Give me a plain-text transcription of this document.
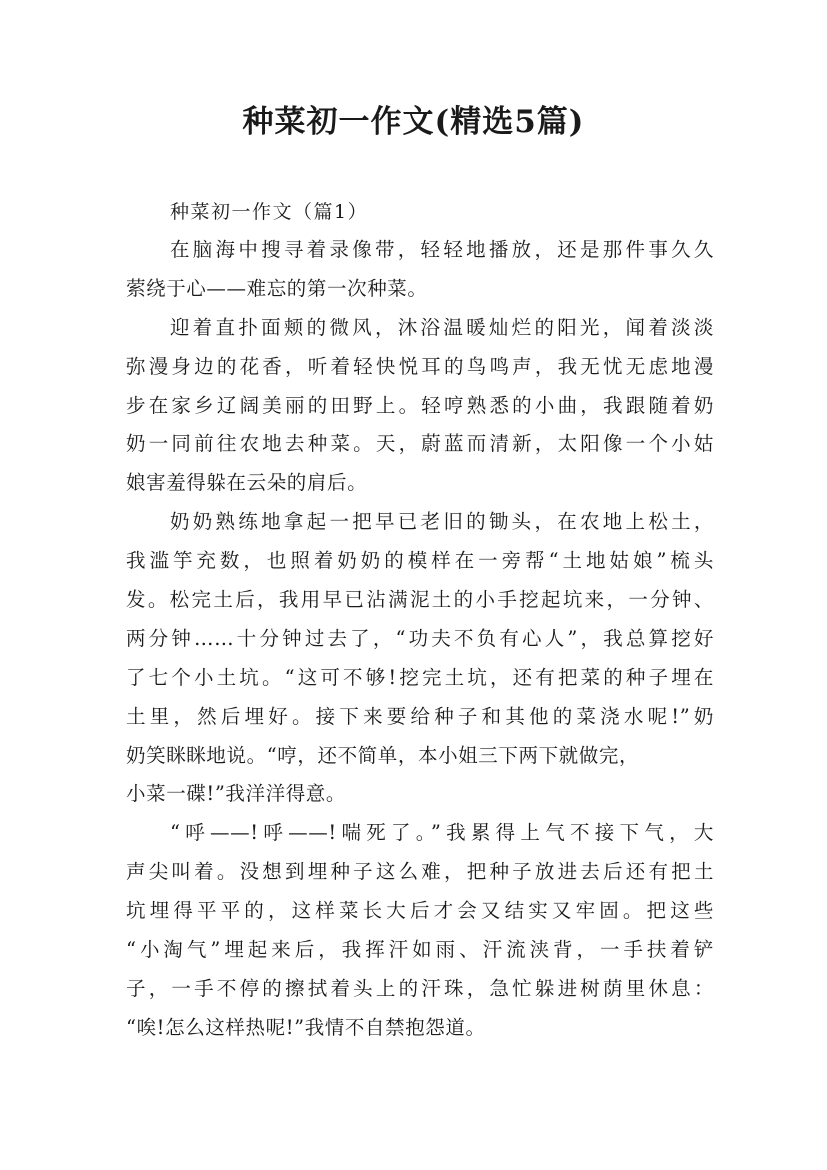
种菜初一作文(精选5篇)
种菜初一作文（篇1）
在脑海中搜寻着录像带，轻轻地播放，还是那件事久久
萦绕于心——难忘的第一次种菜。
迎着直扑面颊的微风，沐浴温暖灿烂的阳光，闻着淡淡
弥漫身边的花香，听着轻快悦耳的鸟鸣声，我无忧无虑地漫
步在家乡辽阔美丽的田野上。轻哼熟悉的小曲，我跟随着奶
奶一同前往农地去种菜。天，蔚蓝而清新，太阳像一个小姑
娘害羞得躲在云朵的肩后。
奶奶熟练地拿起一把早已老旧的锄头，在农地上松土，
我滥竽充数，也照着奶奶的模样在一旁帮“土地姑娘”梳头
发。松完土后，我用早已沾满泥土的小手挖起坑来，一分钟、
两分钟……十分钟过去了，“功夫不负有心人”，我总算挖好
了七个小土坑。“这可不够!挖完土坑，还有把菜的种子埋在
土里，然后埋好。接下来要给种子和其他的菜浇水呢!”奶
奶笑眯眯地说。“哼，还不简单，本小姐三下两下就做完，
小菜一碟!”我洋洋得意。
“呼——!呼——!喘死了。”我累得上气不接下气，大
声尖叫着。没想到埋种子这么难，把种子放进去后还有把土
坑埋得平平的，这样菜长大后才会又结实又牢固。把这些
“小淘气”埋起来后，我挥汗如雨、汗流浃背，一手扶着铲
子，一手不停的擦拭着头上的汗珠，急忙躲进树荫里休息：
“唉!怎么这样热呢!”我情不自禁抱怨道。
